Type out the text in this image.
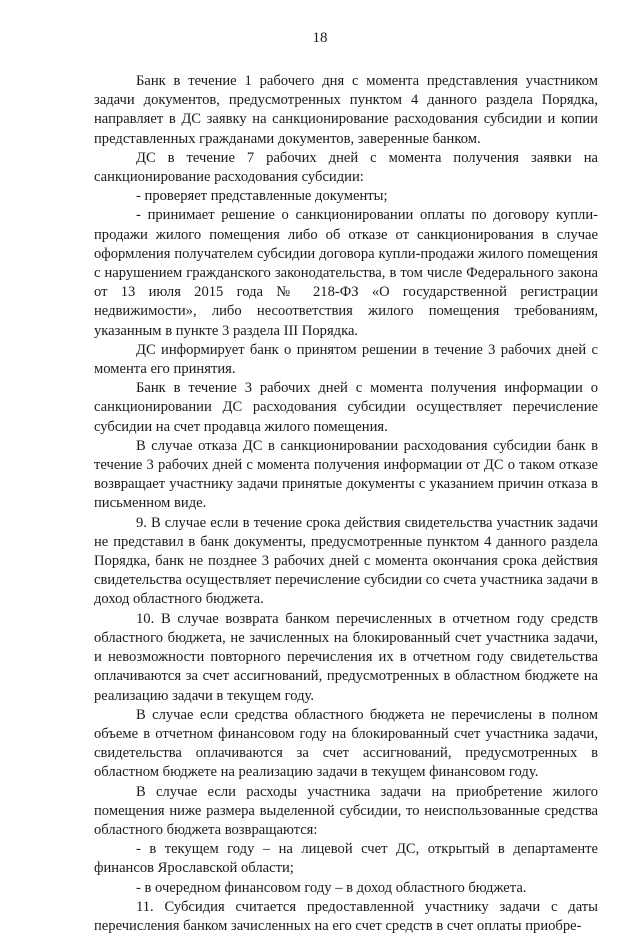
18

Банк в течение 1 рабочего дня с момента представления участником задачи документов, предусмотренных пунктом 4 данного раздела Порядка, направляет в ДС заявку на санкционирование расходования субсидии и копии представленных гражданами документов, заверенные банком.

ДС в течение 7 рабочих дней с момента получения заявки на санкционирование расходования субсидии:

- проверяет представленные документы;

- принимает решение о санкционировании оплаты по договору купли-продажи жилого помещения либо об отказе от санкционирования в случае оформления получателем субсидии договора купли-продажи жилого помещения с нарушением гражданского законодательства, в том числе Федерального закона от 13 июля 2015 года № 218-ФЗ «О государственной регистрации недвижимости», либо несоответствия жилого помещения требованиям, указанным в пункте 3 раздела III Порядка.

ДС информирует банк о принятом решении в течение 3 рабочих дней с момента его принятия.

Банк в течение 3 рабочих дней с момента получения информации о санкционировании ДС расходования субсидии осуществляет перечисление субсидии на счет продавца жилого помещения.

В случае отказа ДС в санкционировании расходования субсидии банк в течение 3 рабочих дней с момента получения информации от ДС о таком отказе возвращает участнику задачи принятые документы с указанием причин отказа в письменном виде.

9. В случае если в течение срока действия свидетельства участник задачи не представил в банк документы, предусмотренные пунктом 4 данного раздела Порядка, банк не позднее 3 рабочих дней с момента окончания срока действия свидетельства осуществляет перечисление субсидии со счета участника задачи в доход областного бюджета.

10. В случае возврата банком перечисленных в отчетном году средств областного бюджета, не зачисленных на блокированный счет участника задачи, и невозможности повторного перечисления их в отчетном году свидетельства оплачиваются за счет ассигнований, предусмотренных в областном бюджете на реализацию задачи в текущем году.

В случае если средства областного бюджета не перечислены в полном объеме в отчетном финансовом году на блокированный счет участника задачи, свидетельства оплачиваются за счет ассигнований, предусмотренных в областном бюджете на реализацию задачи в текущем финансовом году.

В случае если расходы участника задачи на приобретение жилого помещения ниже размера выделенной субсидии, то неиспользованные средства областного бюджета возвращаются:

- в текущем году – на лицевой счет ДС, открытый в департаменте финансов Ярославской области;

- в очередном финансовом году – в доход областного бюджета.

11. Субсидия считается предоставленной участнику задачи с даты перечисления банком зачисленных на его счет средств в счет оплаты приобре-
